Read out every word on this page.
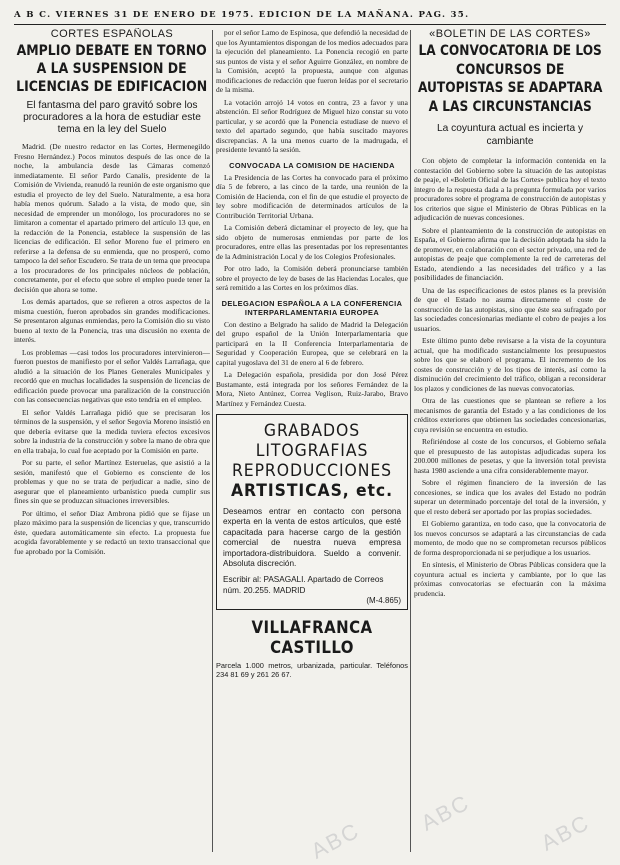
A B C. VIERNES 31 DE ENERO DE 1975. EDICION DE LA MAÑANA. PAG. 35.
CORTES ESPAÑOLAS
AMPLIO DEBATE EN TORNO A LA SUSPENSION DE LICENCIAS DE EDIFICACION
El fantasma del paro gravitó sobre los procuradores a la hora de estudiar este tema en la ley del Suelo

Madrid. (De nuestro redactor en las Cortes, Hermenegildo Fresno Hernández.) Pocos minutos después de las once de la noche, la ambulancia desde las Cámaras comenzó inmediatamente. El señor Pardo Canalís, presidente de la Comisión de Vivienda, reanudó la reunión de este organismo que estudia el proyecto de ley del Suelo. Naturalmente, a esa hora había menos quórum. Salado a la vista, de modo que, sin necesidad de emprender un monólogo, los procuradores no se limitaron a comentar el apartado primero del artículo 13 que, en la redacción de la Ponencia, establece la suspensión de las licencias de edificación. El señor Moreno fue el primero en referirse a la defensa de su enmienda, que no prosperó, como tampoco la del señor Escudero. Se trata de un tema que preocupa a los procuradores de los principales núcleos de población, concretamente, por el efecto que sobre el empleo puede tener la decisión que ahora se tome.

Los demás apartados, que se refieren a otros aspectos de la misma cuestión, fueron aprobados sin grandes modificaciones. Se presentaron algunas enmiendas, pero la Comisión dio su visto bueno al texto de la Ponencia, tras una discusión no exenta de interés.

Los problemas —casi todos los procuradores intervinieron— fueron puestos de manifiesto por el señor Valdés Larrañaga, que aludió a la situación de los Planes Generales Municipales y recordó que en muchas localidades la suspensión de licencias de edificación puede provocar una paralización de la construcción con las consecuencias negativas que esto tendría en el empleo.

El señor Valdés Larrañaga pidió que se precisaran los términos de la suspensión, y el señor Segovia Moreno insistió en que debería evitarse que la medida tuviera efectos excesivos sobre la industria de la construcción y sobre la mano de obra que en ella trabaja, lo cual fue aceptado por la Comisión en parte.

Por su parte, el señor Martínez Esteruelas, que asistió a la sesión, manifestó que el Gobierno es consciente de los problemas y que no se trata de perjudicar a nadie, sino de asegurar que el planeamiento urbanístico pueda cumplir sus fines sin que se produzcan situaciones irreversibles.

Por último, el señor Díaz Ambrona pidió que se fijase un plazo máximo para la suspensión de licencias y que, transcurrido éste, quedara automáticamente sin efecto. La propuesta fue acogida favorablemente y se redactó un texto transaccional que fue aprobado por la Comisión.

por el señor Lamo de Espinosa, que defendió la necesidad de que los Ayuntamientos dispongan de los medios adecuados para la ejecución del planeamiento. La Ponencia recogió en parte sus puntos de vista y el señor Aguirre González, en nombre de la Comisión, aceptó la propuesta, aunque con algunas modificaciones de redacción que fueron leídas por el secretario de la misma.

La votación arrojó 14 votos en contra, 23 a favor y una abstención. El señor Rodríguez de Miguel hizo constar su voto particular, y se acordó que la Ponencia estudiase de nuevo el texto del apartado segundo, que había suscitado mayores discrepancias. A la una menos cuarto de la madrugada, el presidente levantó la sesión.

CONVOCADA LA COMISION DE HACIENDA

La Presidencia de las Cortes ha convocado para el próximo día 5 de febrero, a las cinco de la tarde, una reunión de la Comisión de Hacienda, con el fin de que estudie el proyecto de ley sobre modificación de determinados artículos de la Contribución Territorial Urbana.

La Comisión deberá dictaminar el proyecto de ley, que ha sido objeto de numerosas enmiendas por parte de los procuradores, entre ellas las presentadas por los representantes de la Administración Local y de los Colegios Profesionales.

Por otro lado, la Comisión deberá pronunciarse también sobre el proyecto de ley de bases de las Haciendas Locales, que será remitido a las Cortes en los próximos días.

DELEGACION ESPAÑOLA A LA CONFERENCIA INTERPARLAMENTARIA EUROPEA

Con destino a Belgrado ha salido de Madrid la Delegación del grupo español de la Unión Interparlamentaria que participará en la II Conferencia Interparlamentaria de Seguridad y Cooperación Europea, que se celebrará en la capital yugoslava del 31 de enero al 6 de febrero.

La Delegación española, presidida por don José Pérez Bustamante, está integrada por los señores Fernández de la Mora, Nieto Antúnez, Correa Veglison, Ruiz-Jarabo, Bravo Martínez y Fernández Cuesta.

GRABADOS
LITOGRAFIAS
REPRODUCCIONES
ARTISTICAS, etc.

Deseamos entrar en contacto con persona experta en la venta de estos artículos, que esté capacitada para hacerse cargo de la gestión comercial de nuestra nueva empresa importadora-distribuidora. Sueldo a convenir. Absoluta discreción.

Escribir al: PASAGALI. Apartado de Correos núm. 20.255. MADRID

(M-4.865)
VILLAFRANCA CASTILLO

Parcela 1.000 metros, urbanizada, particular. Teléfonos 234 81 69 y 261 26 67.

«BOLETIN DE LAS CORTES»
LA CONVOCATORIA DE LOS CONCURSOS DE AUTOPISTAS SE ADAPTARA A LAS CIRCUNSTANCIAS
La coyuntura actual es incierta y cambiante

Con objeto de completar la información contenida en la contestación del Gobierno sobre la situación de las autopistas de peaje, el «Boletín Oficial de las Cortes» publica hoy el texto íntegro de la respuesta dada a la pregunta formulada por varios procuradores sobre el programa de construcción de autopistas y los criterios que sigue el Ministerio de Obras Públicas en la adjudicación de nuevas concesiones.

Sobre el planteamiento de la construcción de autopistas en España, el Gobierno afirma que la decisión adoptada ha sido la de promover, en colaboración con el sector privado, una red de autopistas de peaje que complemente la red de carreteras del Estado, atendiendo a las necesidades del tráfico y a las posibilidades de financiación.

Una de las especificaciones de estos planes es la previsión de que el Estado no asuma directamente el coste de construcción de las autopistas, sino que éste sea sufragado por las sociedades concesionarias mediante el cobro de peajes a los usuarios.

Este último punto debe revisarse a la vista de la coyuntura actual, que ha modificado sustancialmente los presupuestos sobre los que se elaboró el programa. El incremento de los costes de construcción y de los tipos de interés, así como la disminución del crecimiento del tráfico, obligan a reconsiderar los plazos y condiciones de las nuevas convocatorias.

Otra de las cuestiones que se plantean se refiere a los mecanismos de garantía del Estado y a las condiciones de los créditos exteriores que obtienen las sociedades concesionarias, cuya revisión se encuentra en estudio.

Refiriéndose al coste de los concursos, el Gobierno señala que el presupuesto de las autopistas adjudicadas supera los 200.000 millones de pesetas, y que la inversión total prevista hasta 1980 asciende a una cifra considerablemente mayor.

Sobre el régimen financiero de la inversión de las concesiones, se indica que los avales del Estado no podrán superar un determinado porcentaje del total de la inversión, y que el resto deberá ser aportado por las propias sociedades.

El Gobierno garantiza, en todo caso, que la convocatoria de los nuevos concursos se adaptará a las circunstancias de cada momento, de modo que no se comprometan recursos públicos de forma desproporcionada ni se perjudique a los usuarios.

En síntesis, el Ministerio de Obras Públicas considera que la coyuntura actual es incierta y cambiante, por lo que las próximas convocatorias se efectuarán con la máxima prudencia.

ABC	ABC
ABC
